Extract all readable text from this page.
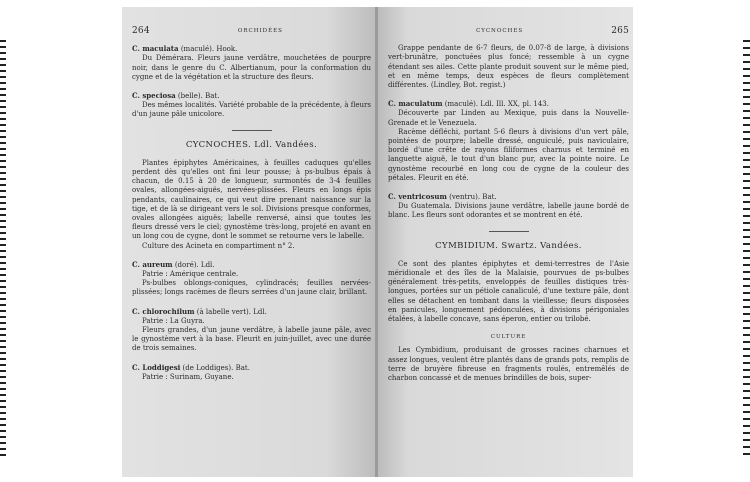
264	ORCHIDÉES

C. maculata (maculé). Hook.

Du Démérara. Fleurs jaune verdâtre, mouchetées de pourpre noir, dans le genre du C. Albertianum, pour la conformation du cygne et de la végétation et la structure des fleurs.

C. speciosa (belle). Bat.

Des mêmes localités. Variété probable de la précédente, à fleurs d'un jaune pâle unicolore.

CYCNOCHES. Ldl. Vandées.

Plantes épiphytes Américaines, à feuilles caduques qu'elles perdent dès qu'elles ont fini leur pousse; à ps-bulbus épais à chacun, de 0.15 à 20 de longueur, surmontés de 3-4 feuilles ovales, allongées-aiguës, nervées-plissées. Fleurs en longs épis pendants, caulinaires, ce qui veut dire prenant naissance sur la tige, et de là se dirigeant vers le sol. Divisions presque conformes, ovales allongées aiguës; labelle renversé, ainsi que toutes les fleurs dressé vers le ciel; gynostème très-long, projeté en avant en un long cou de cygne, dont le sommet se retourne vers le labelle.

Culture des Acineta en compartiment n° 2.

C. aureum (doré). Ldl.

Patrie : Amérique centrale.

Ps-bulbes oblongs-coniques, cylindracés; feuilles nervées-plissées; longs racèmes de fleurs serrées d'un jaune clair, brillant.

C. chlorochilum (à labelle vert). Ldl.

Patrie : La Guyra.

Fleurs grandes, d'un jaune verdâtre, à labelle jaune pâle, avec le gynostème vert à la base. Fleurit en juin-juillet, avec une durée de trois semaines.

C. Loddigesi (de Loddiges). Bat.

Patrie : Surinam, Guyane.

CYCNOCHES	265

Grappe pendante de 6-7 fleurs, de 0.07-8 de large, à divisions vert-brunâtre, ponctuées plus foncé; ressemble à un cygne étendant ses ailes. Cette plante produit souvent sur le même pied, et en même temps, deux espèces de fleurs complètement différentes. (Lindley, Bot. regist.)

C. maculatum (maculé). Ldl. Ill. XX, pl. 143.

Découverte par Linden au Mexique, puis dans la Nouvelle-Grenade et le Venezuela.

Racème défléchi, portant 5-6 fleurs à divisions d'un vert pâle, pointées de pourpre; labelle dressé, onguiculé, puis naviculaire, bordé d'une crête de rayons filiformes charnus et terminé en languette aiguë, le tout d'un blanc pur, avec la pointe noire. Le gynostème recourbé en long cou de cygne de la couleur des pétales. Fleurit en été.

C. ventricosum (ventru). Bat.

Du Guatemala. Divisions jaune verdâtre, labelle jaune bordé de blanc. Les fleurs sont odorantes et se montrent en été.

CYMBIDIUM. Swartz. Vandées.

Ce sont des plantes épiphytes et demi-terrestres de l'Asie méridionale et des îles de la Malaisie, pourvues de ps-bulbes généralement très-petits, enveloppés de feuilles distiques très-longues, portées sur un pétiole canaliculé, d'une texture pâle, dont elles se détachent en tombant dans la vieillesse; fleurs disposées en panicules, longuement pédonculées, à divisions périgoniales étalées, à labelle concave, sans éperon, entier ou trilobé.

CULTURE

Les Cymbidium, produisant de grosses racines charnues et assez longues, veulent être plantés dans de grands pots, remplis de terre de bruyère fibreuse en fragments roulés, entremêlés de charbon concassé et de menues brindilles de bois, super-
